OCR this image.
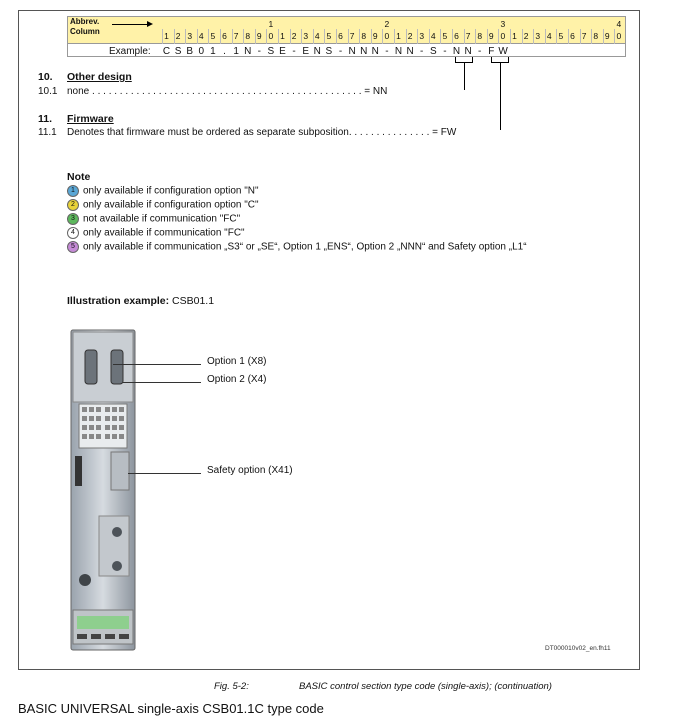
Abbrev.
Column	1 2 3 4 5 6 7 8 9 0 1 2 3 4 5 6 7 8 9 0 1 2 3 4 5 6 7 8 9 0 1 2 3 4 5 6 7 8 9 0
1	2	3	4
Example: C S B 0 1 . 1 N - S E - E N S - N N N - N N - S - N N - F W
10. Other design
10.1 none . . . . . . . . . . . . . . . . . . . . . . . . . . . . . . . . . . . . . . . . . . . . . . . . . = NN
11. Firmware
11.1 Denotes that firmware must be ordered as separate subposition. . . . . . . . . . . . . . . = FW
Note
1 only available if configuration option "N"
2 only available if configuration option "C"
3 not available if communication "FC"
4 only available if communication "FC"
5 only available if communication „S3“ or „SE“, Option 1 „ENS“, Option 2 „NNN“ and Safety option „L1“
Illustration example: CSB01.1
Option 1 (X8)
Option 2 (X4)
Safety option (X41)
DT000010v02_en.fh11
Fig. 5-2:	BASIC control section type code (single-axis); (continuation)
BASIC UNIVERSAL single-axis CSB01.1C type code
